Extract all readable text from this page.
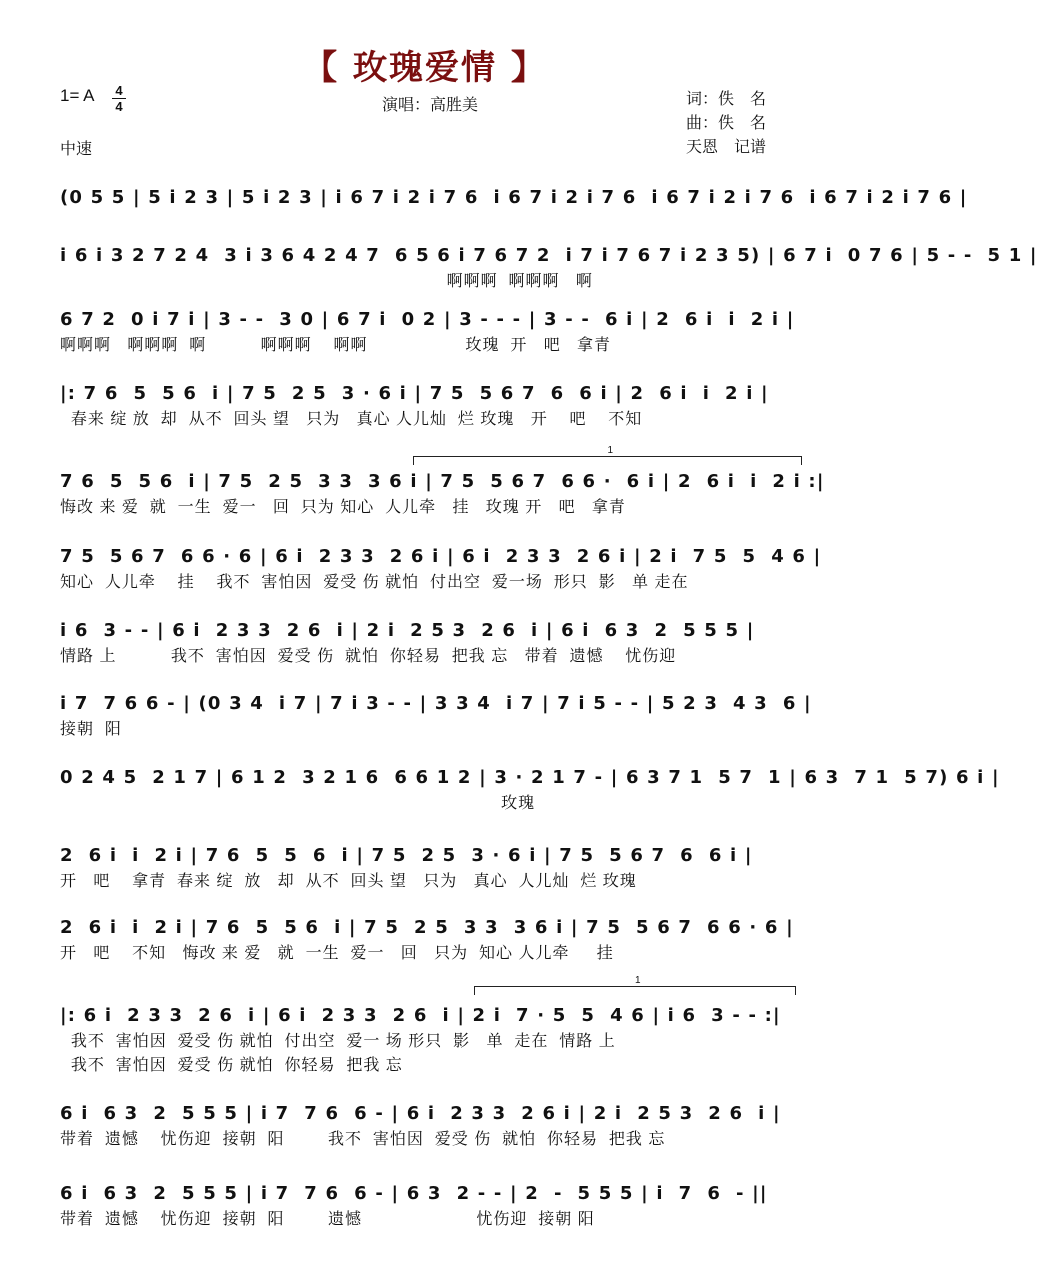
【 玫瑰爱情 】
1= A 4
4	演唱：高胜美	词：佚　名
曲：佚　名
天恩　记谱
中速
(0 5 5 | 5 i 2 3 | 5 i 2 3 | i 6 7 i 2 i 7 6  i 6 7 i 2 i 7 6  i 6 7 i 2 i 7 6  i 6 7 i 2 i 7 6 |
i 6 i 3 2 7 2 4  3 i 3 6 4 2 4 7  6 5 6 i 7 6 7 2  i 7 i 7 6 7 i 2 3 5) | 6 7 i  0 7 6 | 5 - -  5 1 |
啊啊啊  啊啊啊   啊
6 7 2  0 i 7 i | 3 - -  3 0 | 6 7 i  0 2 | 3 - - - | 3 - -  6 i | 2  6 i  i  2 i |
啊啊啊   啊啊啊  啊          啊啊啊    啊啊                  玫瑰  开   吧   拿青
|: 7 6  5  5 6  i | 7 5  2 5  3 · 6 i | 7 5  5 6 7  6  6 i | 2  6 i  i  2 i |
春来 绽 放  却  从不  回头 望   只为   真心 人儿灿  烂 玫瑰   开    吧    不知
1
7 6  5  5 6  i | 7 5  2 5  3 3  3 6 i | 7 5  5 6 7  6 6 ·  6 i | 2  6 i  i  2 i :|
悔改 来 爱  就  一生  爱一   回  只为 知心  人儿牵   挂   玫瑰 开   吧   拿青
7 5  5 6 7  6 6 · 6 | 6 i  2 3 3  2 6 i | 6 i  2 3 3  2 6 i | 2 i  7 5  5  4 6 |
知心  人儿牵    挂    我不  害怕因  爱受 伤 就怕  付出空  爱一场  形只  影   单 走在
i 6  3 - - | 6 i  2 3 3  2 6  i | 2 i  2 5 3  2 6  i | 6 i  6 3  2  5 5 5 |
情路 上          我不  害怕因  爱受 伤  就怕  你轻易  把我 忘   带着  遗憾    忧伤迎
i 7  7 6 6 - | (0 3 4  i 7 | 7 i 3 - - | 3 3 4  i 7 | 7 i 5 - - | 5 2 3  4 3  6 |
接朝  阳
0 2 4 5  2 1 7 | 6 1 2  3 2 1 6  6 6 1 2 | 3 · 2 1 7 - | 6 3 7 1  5 7  1 | 6 3  7 1  5 7) 6 i |
玫瑰
2  6 i  i  2 i | 7 6  5  5  6  i | 7 5  2 5  3 · 6 i | 7 5  5 6 7  6  6 i |
开   吧    拿青  春来 绽  放   却  从不  回头 望   只为   真心  人儿灿  烂 玫瑰
2  6 i  i  2 i | 7 6  5  5 6  i | 7 5  2 5  3 3  3 6 i | 7 5  5 6 7  6 6 · 6 |
开   吧    不知   悔改 来 爱   就  一生  爱一   回   只为  知心 人儿牵     挂
1
|: 6 i  2 3 3  2 6  i | 6 i  2 3 3  2 6  i | 2 i  7 · 5  5  4 6 | i 6  3 - - :|
我不  害怕因  爱受 伤 就怕  付出空  爱一 场 形只  影   单  走在  情路 上
我不  害怕因  爱受 伤 就怕  你轻易  把我 忘
6 i  6 3  2  5 5 5 | i 7  7 6  6 - | 6 i  2 3 3  2 6 i | 2 i  2 5 3  2 6  i |
带着  遗憾    忧伤迎  接朝  阳        我不  害怕因  爱受 伤  就怕  你轻易  把我 忘
6 i  6 3  2  5 5 5 | i 7  7 6  6 - | 6 3  2 - - | 2  -  5 5 5 | i  7  6  - ||
带着  遗憾    忧伤迎  接朝  阳        遗憾                     忧伤迎  接朝 阳
